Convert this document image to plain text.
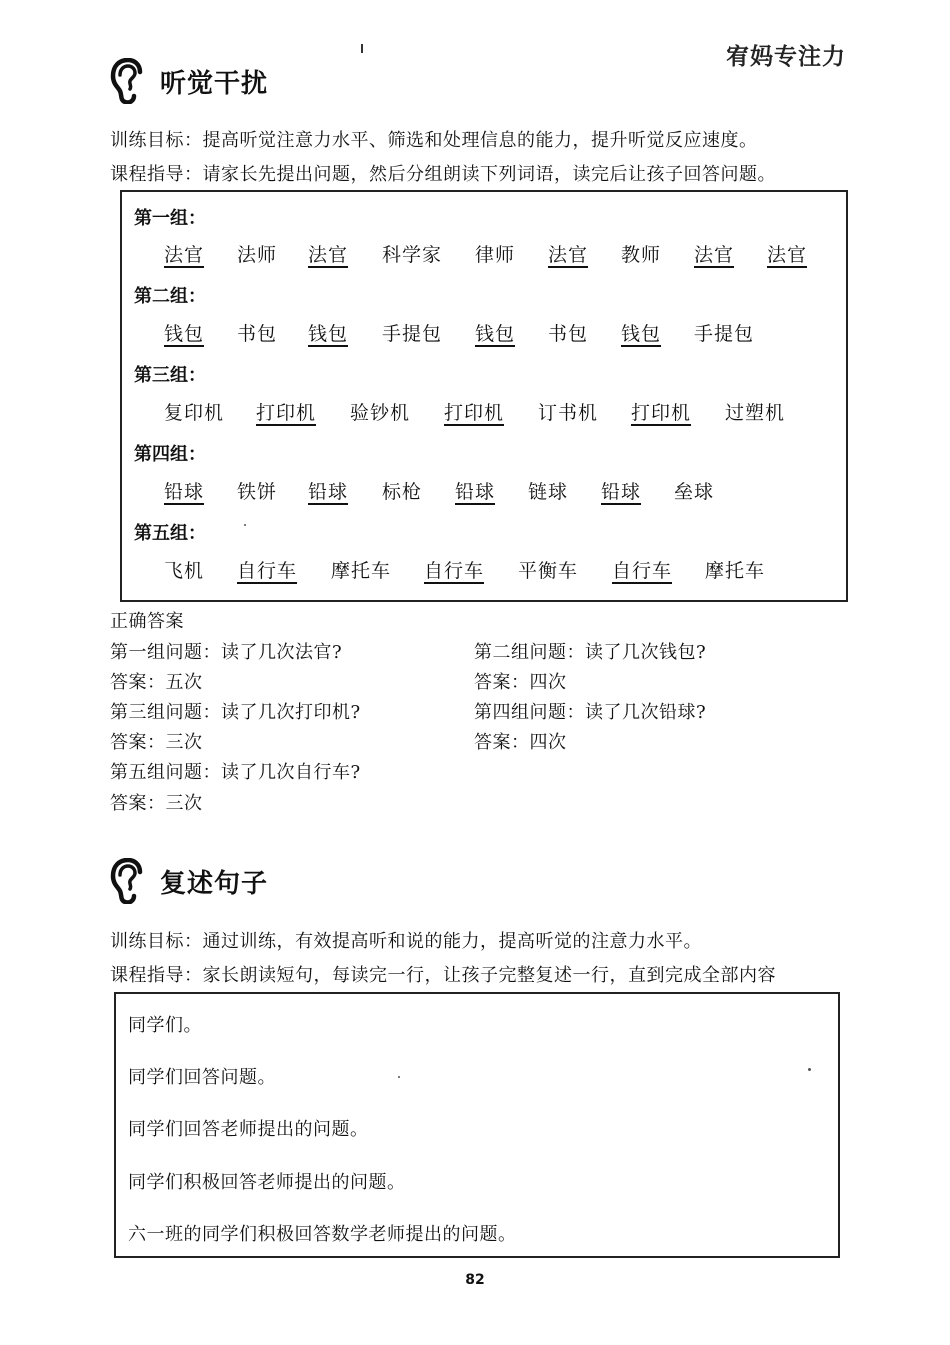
宥妈专注力
听觉干扰
训练目标：提高听觉注意力水平、筛选和处理信息的能力，提升听觉反应速度。
课程指导：请家长先提出问题，然后分组朗读下列词语，读完后让孩子回答问题。
第一组：
法官 法师 法官 科学家 律师 法官 教师 法官 法官
第二组：
钱包 书包 钱包 手提包 钱包 书包 钱包 手提包
第三组：
复印机 打印机 验钞机 打印机 订书机 打印机 过塑机
第四组：
铅球 铁饼 铅球 标枪 铅球 链球 铅球 垒球
第五组：
飞机 自行车 摩托车 自行车 平衡车 自行车 摩托车
正确答案
第一组问题：读了几次法官?
答案：五次
第二组问题：读了几次钱包?
答案：四次
第三组问题：读了几次打印机?
答案：三次
第四组问题：读了几次铅球?
答案：四次
第五组问题：读了几次自行车?
答案：三次
复述句子
训练目标：通过训练，有效提高听和说的能力，提高听觉的注意力水平。
课程指导：家长朗读短句，每读完一行，让孩子完整复述一行，直到完成全部内容
同学们。
同学们回答问题。
同学们回答老师提出的问题。
同学们积极回答老师提出的问题。
六一班的同学们积极回答数学老师提出的问题。
82
